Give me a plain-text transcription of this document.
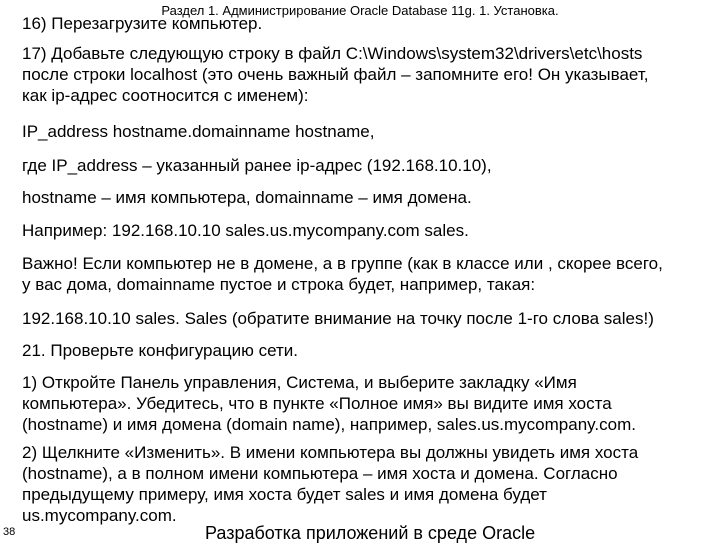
Раздел 1. Администрирование Oracle Database 11g. 1. Установка.

16) Перезагрузите компьютер.

17) Добавьте следующую строку в файл C:\Windows\system32\drivers\etc\hosts
после строки localhost (это очень важный файл – запомните его! Он указывает,
как ip-адрес соотносится с именем):

IP_address hostname.domainname hostname,

где IP_address – указанный ранее ip-адрес (192.168.10.10),

hostname – имя компьютера, domainname – имя домена.

Например: 192.168.10.10 sales.us.mycompany.com sales.

Важно! Если компьютер не в домене, а в группе (как в классе или , скорее всего,
у вас дома, domainname пустое и строка будет, например, такая:

192.168.10.10 sales. Sales (обратите внимание на точку после 1-го слова sales!)

21. Проверьте конфигурацию сети.

1) Откройте Панель управления, Система, и выберите закладку «Имя
компьютера». Убедитесь, что в пункте «Полное имя» вы видите имя хоста
(hostname) и имя домена (domain name), например, sales.us.mycompany.com.

2) Щелкните «Изменить». В имени компьютера вы должны увидеть имя хоста
(hostname), а в полном имени компьютера – имя хоста и домена. Согласно
предыдущему примеру, имя хоста будет sales и имя домена будет
us.mycompany.com.

38	Разработка приложений в среде Oracle
